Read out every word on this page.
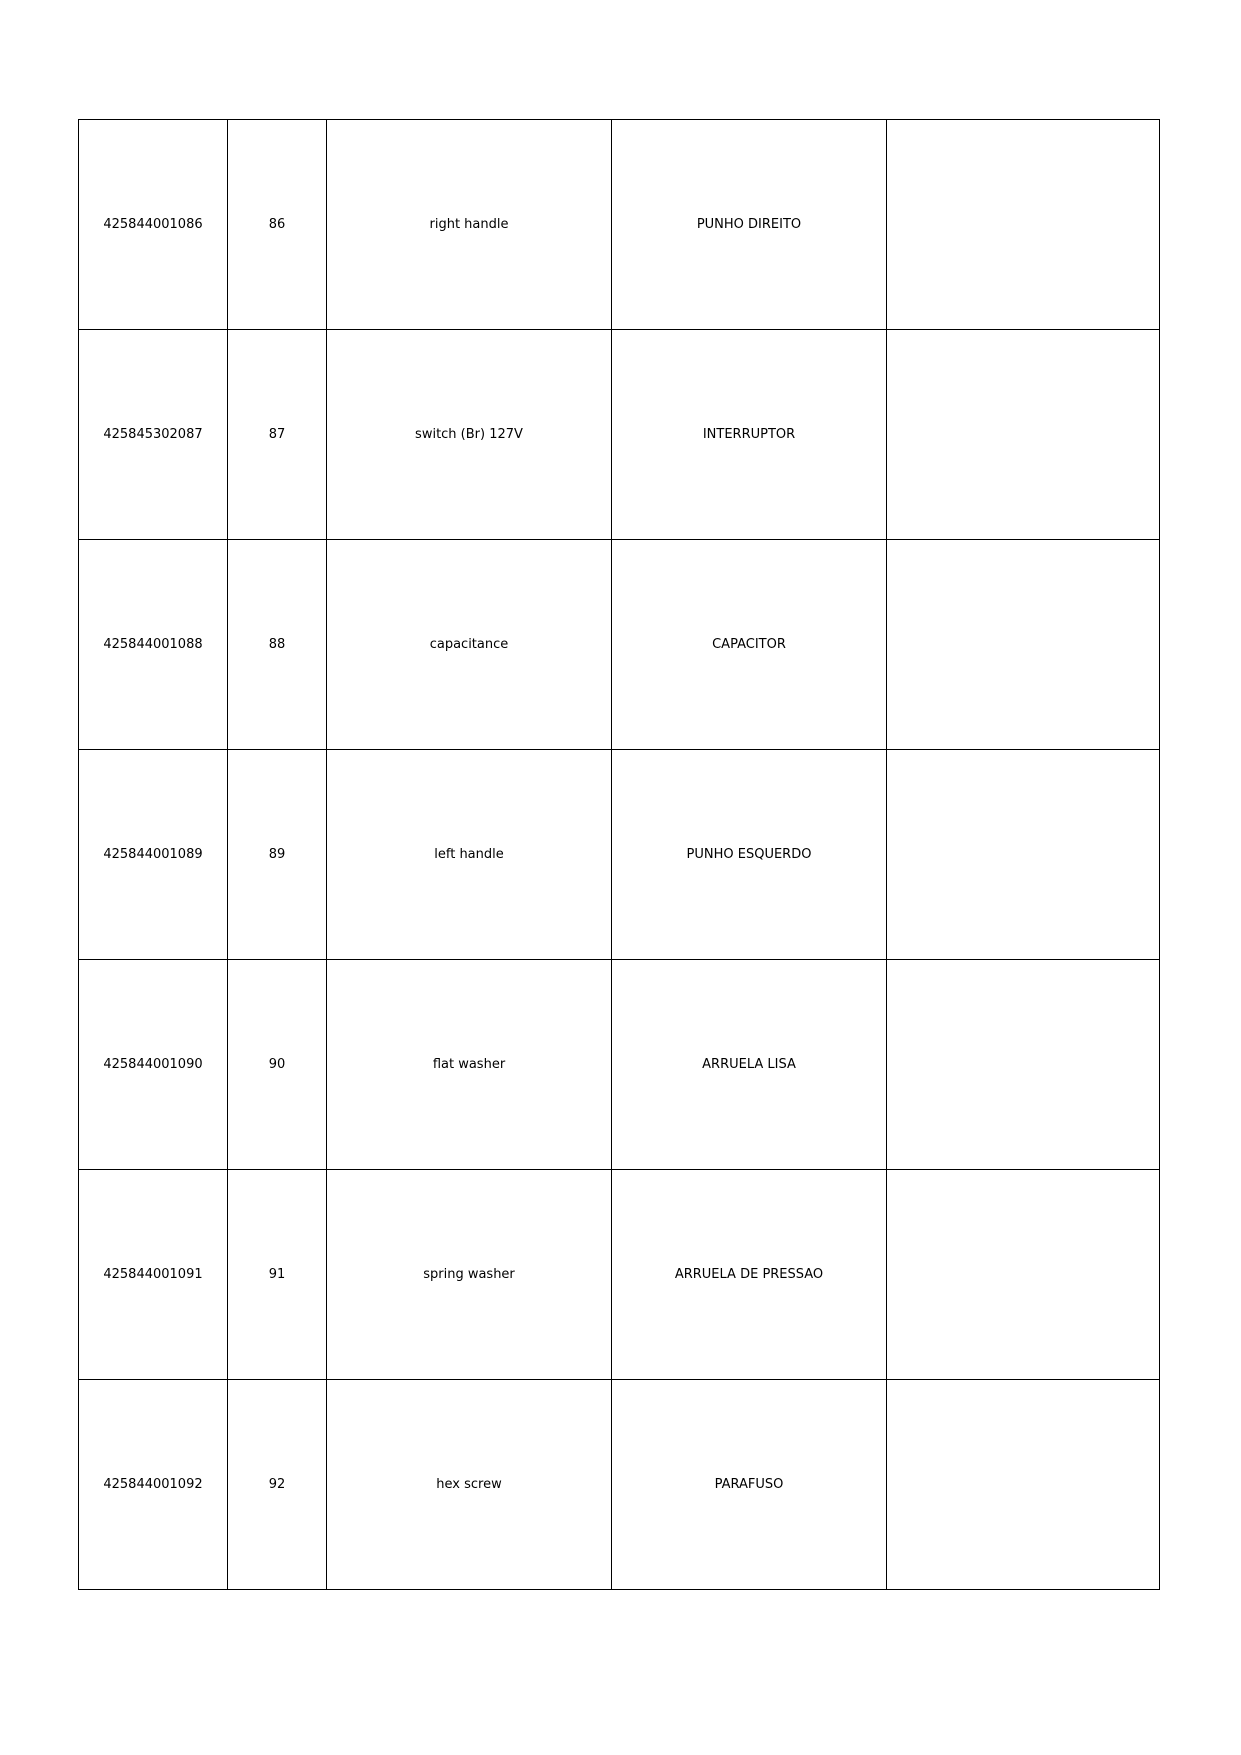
425844001086	86	right handle	PUNHO DIREITO	
425845302087	87	switch (Br) 127V	INTERRUPTOR	
425844001088	88	capacitance	CAPACITOR	
425844001089	89	left handle	PUNHO ESQUERDO	
425844001090	90	flat washer	ARRUELA LISA	
425844001091	91	spring washer	ARRUELA DE PRESSAO	
425844001092	92	hex screw	PARAFUSO	
